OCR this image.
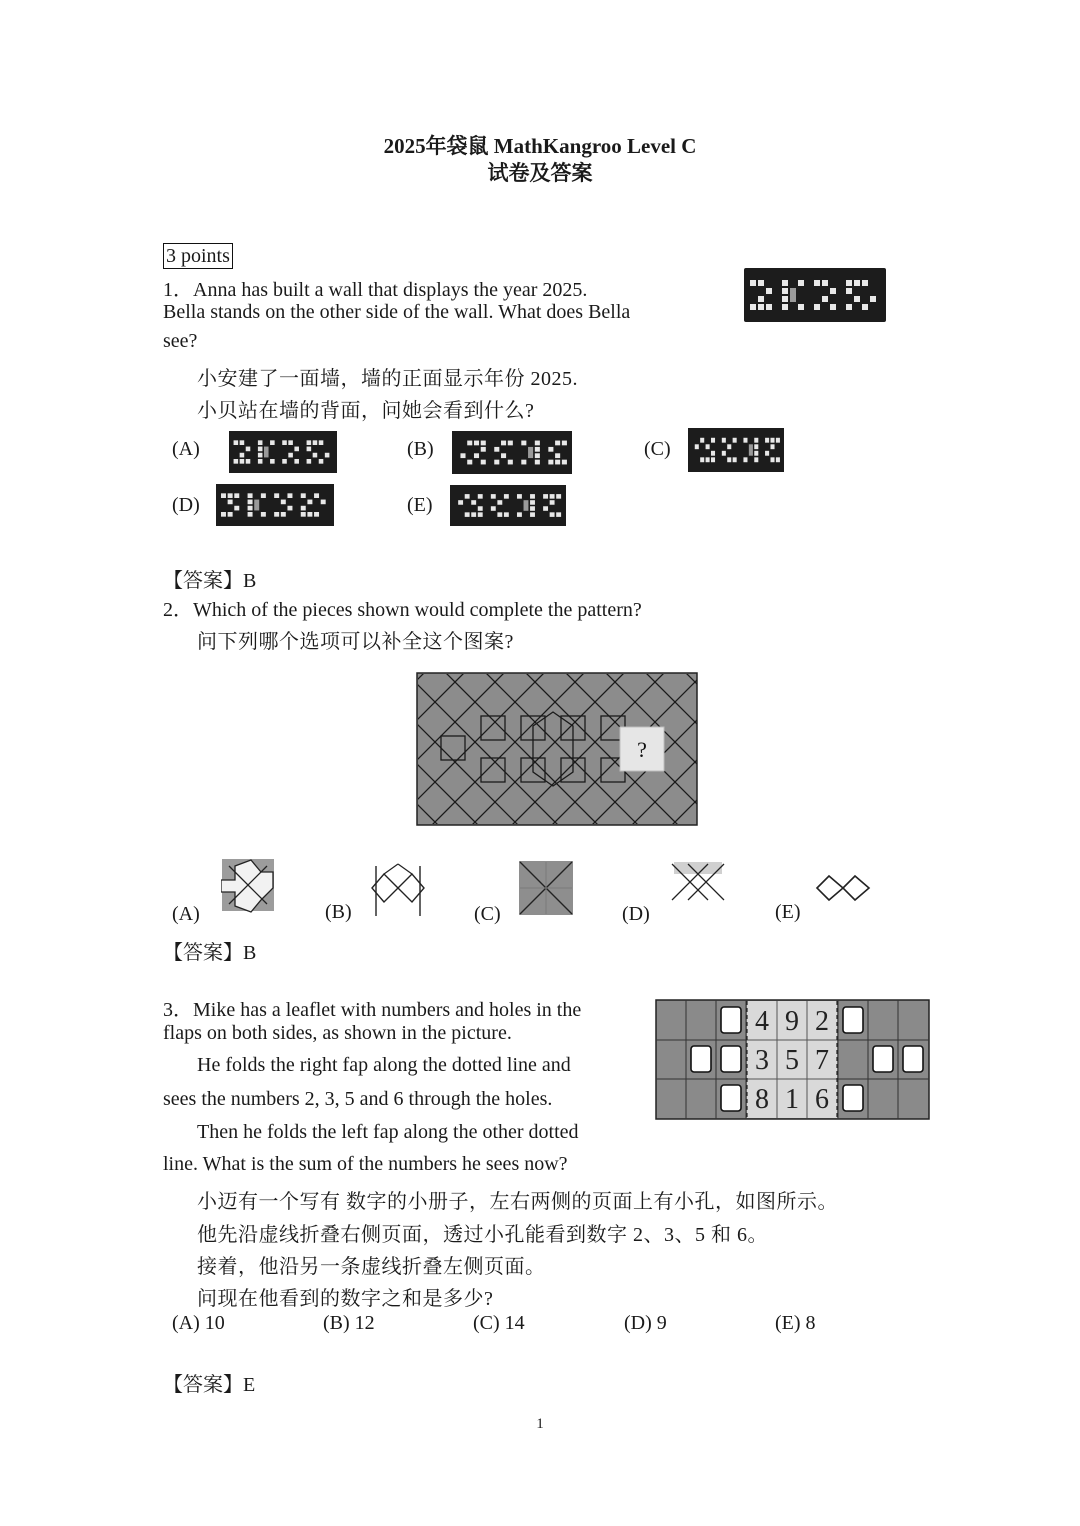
2025年袋鼠 MathKangroo Level C
试卷及答案
3 points
1．Anna has built a wall that displays the year 2025.
Bella stands on the other side of the wall. What does Bella
see?
小安建了一面墙，墙的正面显示年份 2025.
小贝站在墙的背面，问她会看到什么?
(A)	(B)	(C)
(D)	(E)
【答案】B
2．Which of the pieces shown would complete the pattern?
问下列哪个选项可以补全这个图案?
?
(A)	(B)	(C)	(D)	(E)
【答案】B
3．Mike has a leaflet with numbers and holes in the
flaps on both sides, as shown in the picture.
He folds the right fap along the dotted line and
sees the numbers 2, 3, 5 and 6 through the holes.
Then he folds the left fap along the other dotted
line. What is the sum of the numbers he sees now?
4 9 2
3 5 7
8 1 6
小迈有一个写有 数字的小册子，左右两侧的页面上有小孔，如图所示。
他先沿虚线折叠右侧页面，透过小孔能看到数字 2、3、5 和 6。
接着，他沿另一条虚线折叠左侧页面。
问现在他看到的数字之和是多少?
(A) 10	(B) 12	(C) 14	(D) 9	(E) 8
【答案】E
1
